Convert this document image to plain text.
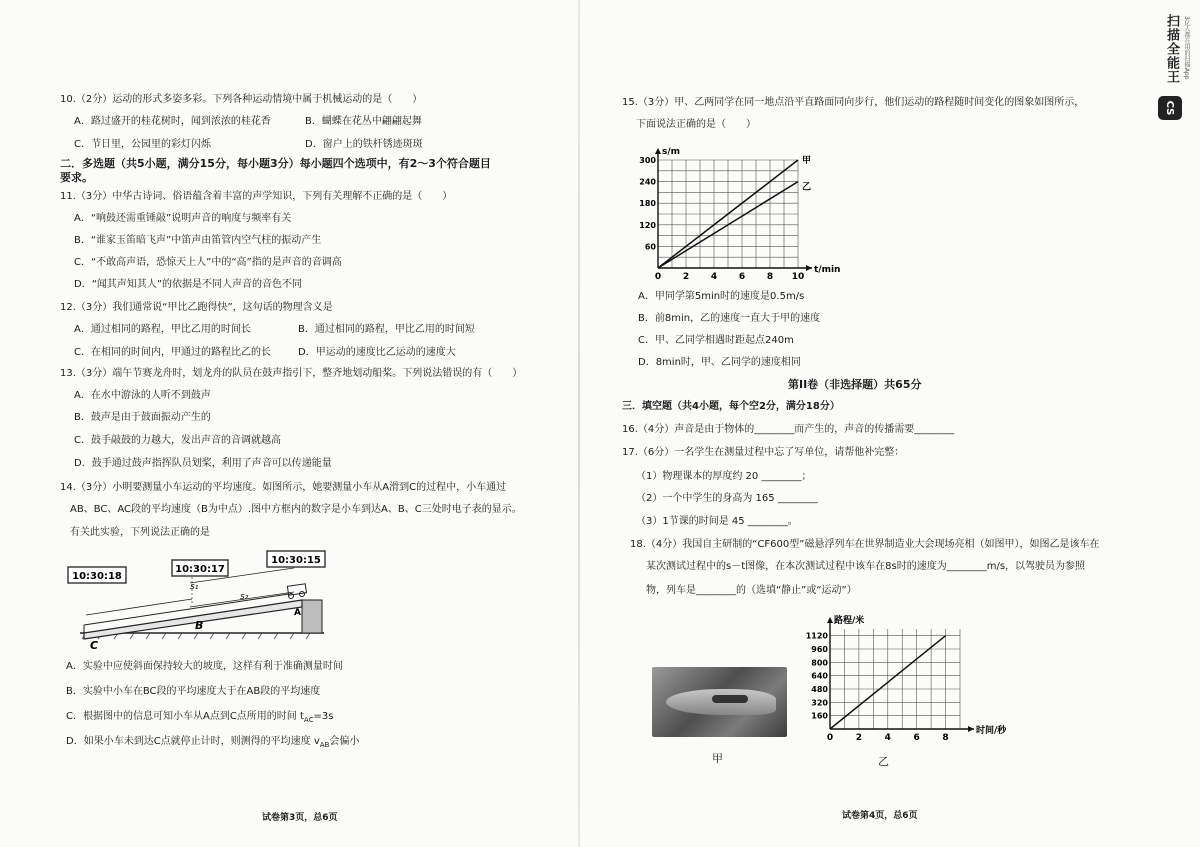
10.（2分）运动的形式多姿多彩。下列各种运动情境中属于机械运动的是（　　）
A．路过盛开的桂花树时，闻到浓浓的桂花香	B．蝴蝶在花丛中翩翩起舞
C．节日里，公园里的彩灯闪烁	D．窗户上的铁杆锈迹斑斑
二．多选题（共5小题，满分15分，每小题3分）每小题四个选项中，有2～3个符合题目
要求。
11.（3分）中华古诗词、俗语蕴含着丰富的声学知识，下列有关理解不正确的是（　　）
A．“响鼓还需重锤敲”说明声音的响度与频率有关
B．“谁家玉笛暗飞声”中笛声由笛管内空气柱的振动产生
C．“不敢高声语，恐惊天上人”中的“高”指的是声音的音调高
D．“闻其声知其人”的依据是不同人声音的音色不同
12.（3分）我们通常说“甲比乙跑得快”，这句话的物理含义是
A．通过相同的路程，甲比乙用的时间长	B．通过相同的路程，甲比乙用的时间短
C．在相同的时间内，甲通过的路程比乙的长	D．甲运动的速度比乙运动的速度大
13.（3分）端午节赛龙舟时，划龙舟的队员在鼓声指引下，整齐地划动船桨。下列说法错误的有（　　）
A．在水中游泳的人听不到鼓声
B．鼓声是由于鼓面振动产生的
C．鼓手敲鼓的力越大，发出声音的音调就越高
D．鼓手通过鼓声指挥队员划桨，利用了声音可以传递能量
14.（3分）小明要测量小车运动的平均速度。如图所示，她要测量小车从A滑到C的过程中，小车通过
AB、BC、AC段的平均速度（B为中点）.图中方框内的数字是小车到达A、B、C三处时电子表的显示。
有关此实验，下列说法正确的是
10:30:18
10:30:17
10:30:15
s₁
s₂
A
B
C
A．实验中应使斜面保持较大的坡度，这样有利于准确测量时间
B．实验中小车在BC段的平均速度大于在AB段的平均速度
C．根据图中的信息可知小车从A点到C点所用的时间 $t_{AC}=3s$
D．如果小车未到达C点就停止计时，则测得的平均速度 $v_{AB}$会偏小
试卷第3页，总6页
15.（3分）甲、乙两同学在同一地点沿平直路面同向步行，他们运动的路程随时间变化的图象如图所示，
下面说法正确的是（　　）
0 2 4 6 8 10
60
120
180
240
300
t/min
s/m
甲
乙
A．甲同学第5min时的速度是0.5m/s
B．前8min，乙的速度一直大于甲的速度
C．甲、乙同学相遇时距起点240m
D．8min时，甲、乙同学的速度相同
第II卷（非选择题）共65分
三．填空题（共4小题，每个空2分，满分18分）
16.（4分）声音是由于物体的________而产生的，声音的传播需要________
17.（6分）一名学生在测量过程中忘了写单位，请帮他补完整：
（1）物理课本的厚度约 20 ________；
（2）一个中学生的身高为 165 ________
（3）1节课的时间是 45 ________。
18.（4分）我国自主研制的“CF600型”磁悬浮列车在世界制造业大会现场亮相（如图甲），如图乙是该车在
某次测试过程中的s－t图像，在本次测试过程中该车在8s时的速度为________m/s，以驾驶员为参照
物，列车是________的（选填“静止”或“运动”）
甲
0	2	4	6	8
160
320
480
640
800
960
1120
时间/秒
路程/米
乙
试卷第4页，总6页
扫描全能王 3亿人都在用的扫描App
CS
